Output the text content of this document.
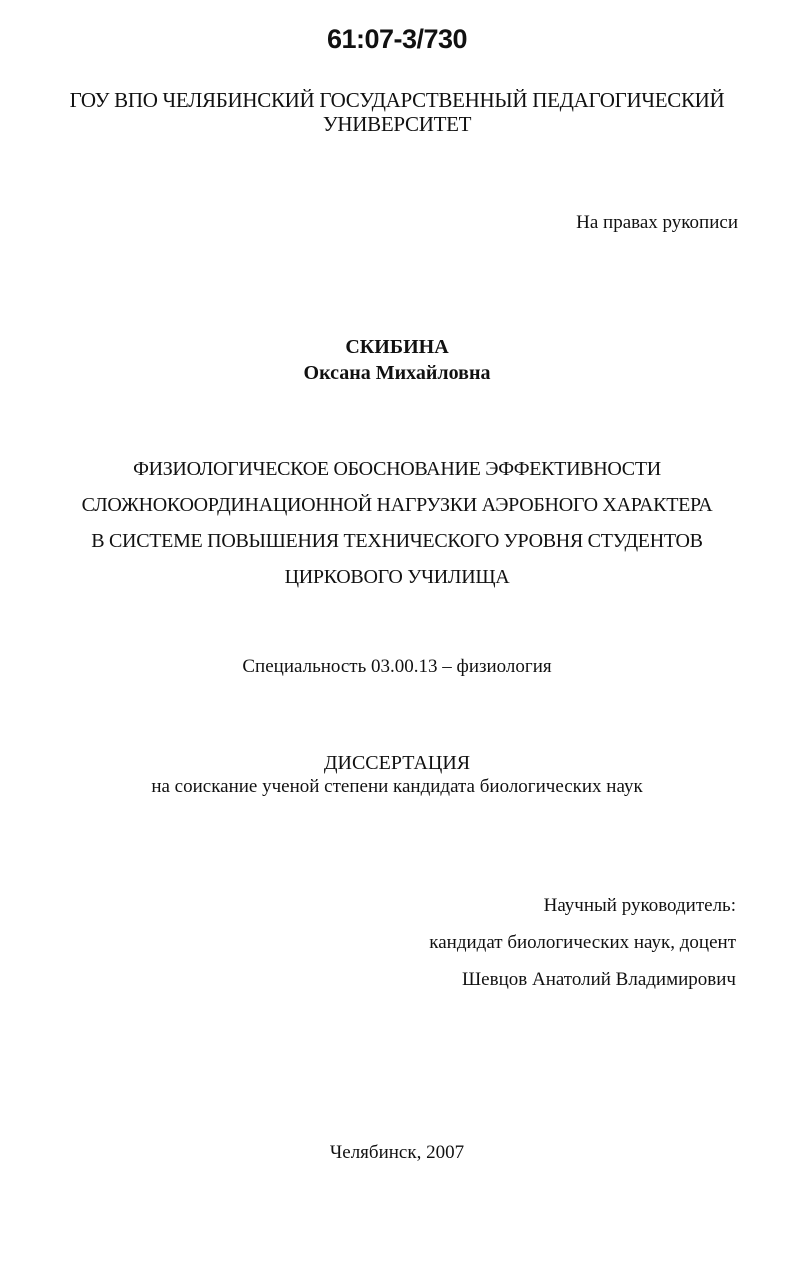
61:07-3/730
ГОУ ВПО ЧЕЛЯБИНСКИЙ ГОСУДАРСТВЕННЫЙ ПЕДАГОГИЧЕСКИЙ
УНИВЕРСИТЕТ
На правах рукописи
СКИБИНА
Оксана Михайловна
ФИЗИОЛОГИЧЕСКОЕ ОБОСНОВАНИЕ ЭФФЕКТИВНОСТИ
СЛОЖНОКООРДИНАЦИОННОЙ НАГРУЗКИ АЭРОБНОГО ХАРАКТЕРА
В СИСТЕМЕ ПОВЫШЕНИЯ ТЕХНИЧЕСКОГО УРОВНЯ СТУДЕНТОВ
ЦИРКОВОГО УЧИЛИЩА
Специальность 03.00.13 – физиология
ДИССЕРТАЦИЯ
на соискание ученой степени кандидата биологических наук
Научный руководитель:
кандидат биологических наук, доцент
Шевцов Анатолий Владимирович
Челябинск, 2007
